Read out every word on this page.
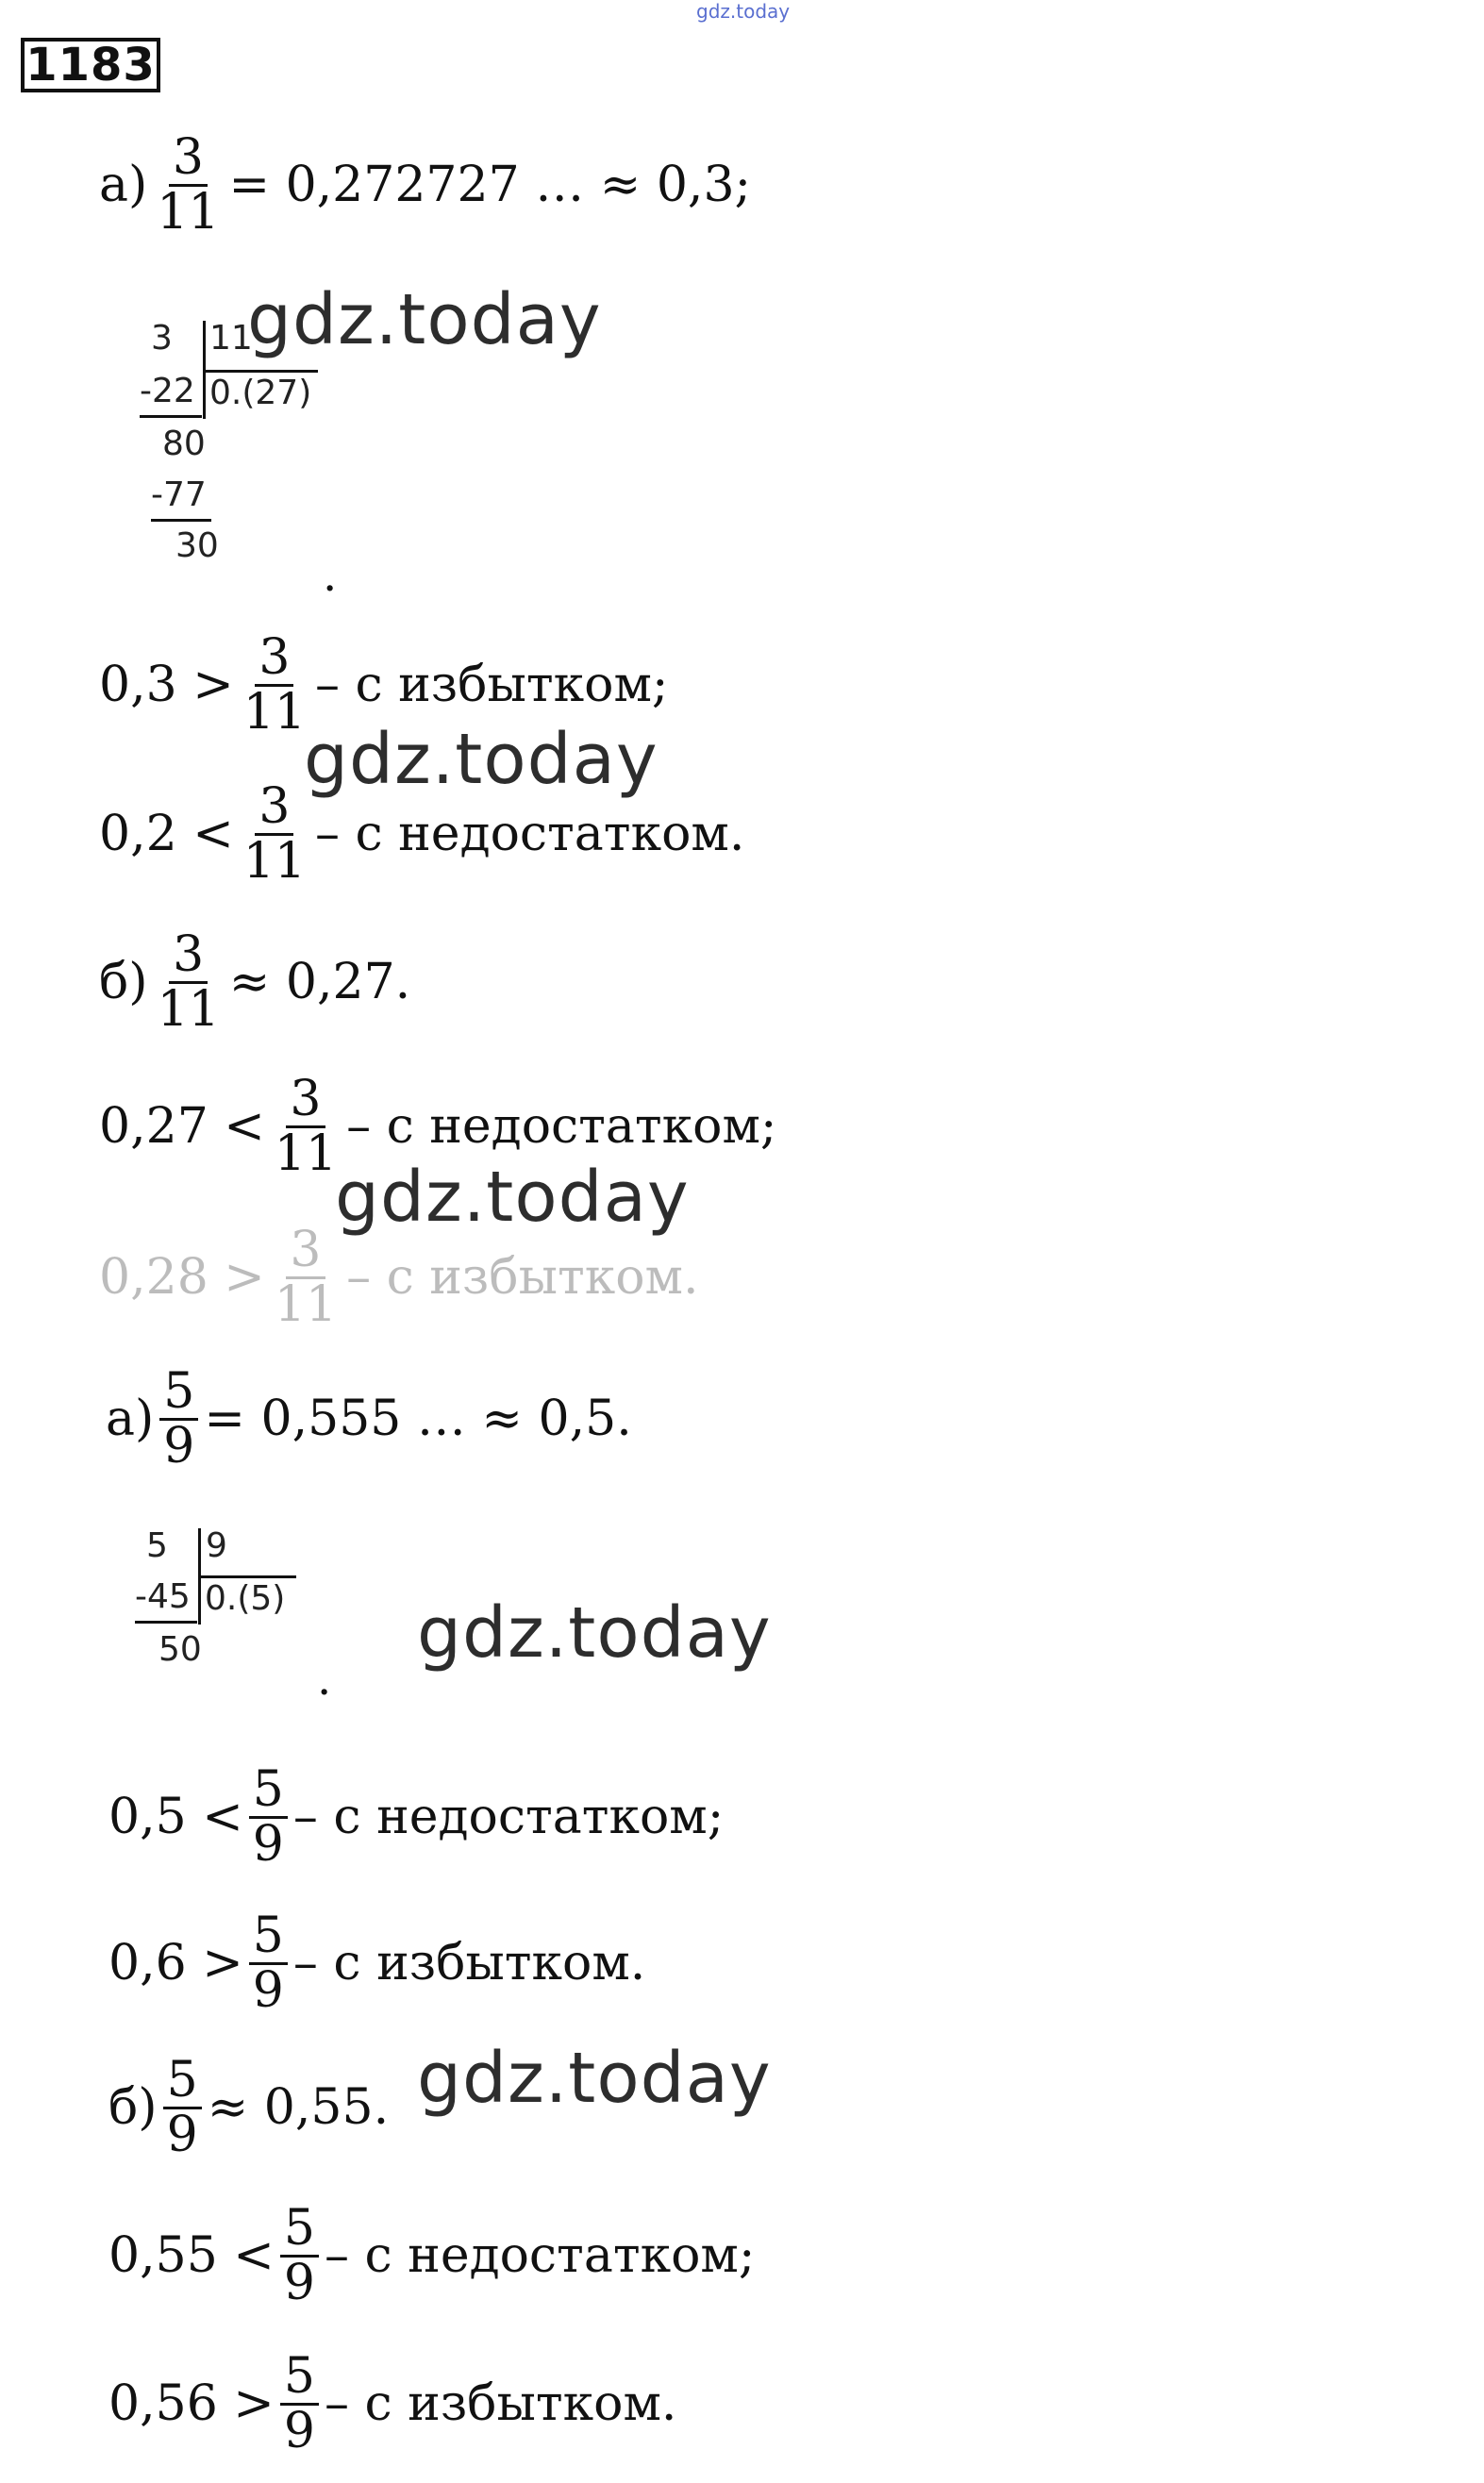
gdz.today
1183
$а) \frac{3}{11} = 0,272727$ … ≈ 0,3;
3 11
-22 0.(27)
80
-77
30
.
$0,3 > \frac{3}{11} - с$ избытком;
$0,2 < \frac{3}{11} - с$ недостатком.
$б) \frac{3}{11} \approx 0,27$.
$0,27 < \frac{3}{11} - с$ недостатком;
$0,28 > \frac{3}{11} - с$ избытком.
$а) \frac{5}{9} = 0,555$ … ≈ 0,5.
5 9
-45 0.(5)
50
.
$0,5 < \frac{5}{9} - с$ недостатком;
$0,6 > \frac{5}{9} - с$ избытком.
$б) \frac{5}{9} \approx 0,55$.
$0,55 < \frac{5}{9} - с$ недостатком;
$0,56 > \frac{5}{9} - с$ избытком.
gdz.today
gdz.today
gdz.today
gdz.today
gdz.today
